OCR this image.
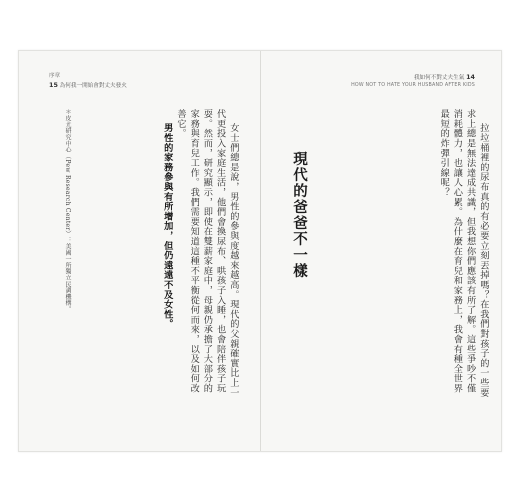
序章
15 為何我一開始會對丈夫發火
我如何不對丈夫生氣 14
HOW NOT TO HATE YOUR HUSBAND AFTER KIDS

拉垃桶裡的尿布真的有必要立刻丟掉嗎？在我們對孩子的一些要求上總是無法達成共識，但我想你們應該有所了解。這些爭吵不僅消耗體力，也讓人心累。為什麼在育兒和家務上，我會有種全世界最短的炸彈引線呢？

現代的爸爸不一樣

女士們總是說，男性的參與度越來越高。現代的父親確實比上一代更投入家庭生活，他們會換尿布、哄孩子入睡，也會陪伴孩子玩耍。然而，研究顯示，即使在雙薪家庭中，母親仍承擔了大部分的家務與育兒工作。我們需要知道這種不平衡從何而來，以及如何改善它。
男性的家務參與有所增加，但仍遠遠不及女性。

＊皮尤研究中心（Pew Research Center）：美國一所獨立民調機構。
